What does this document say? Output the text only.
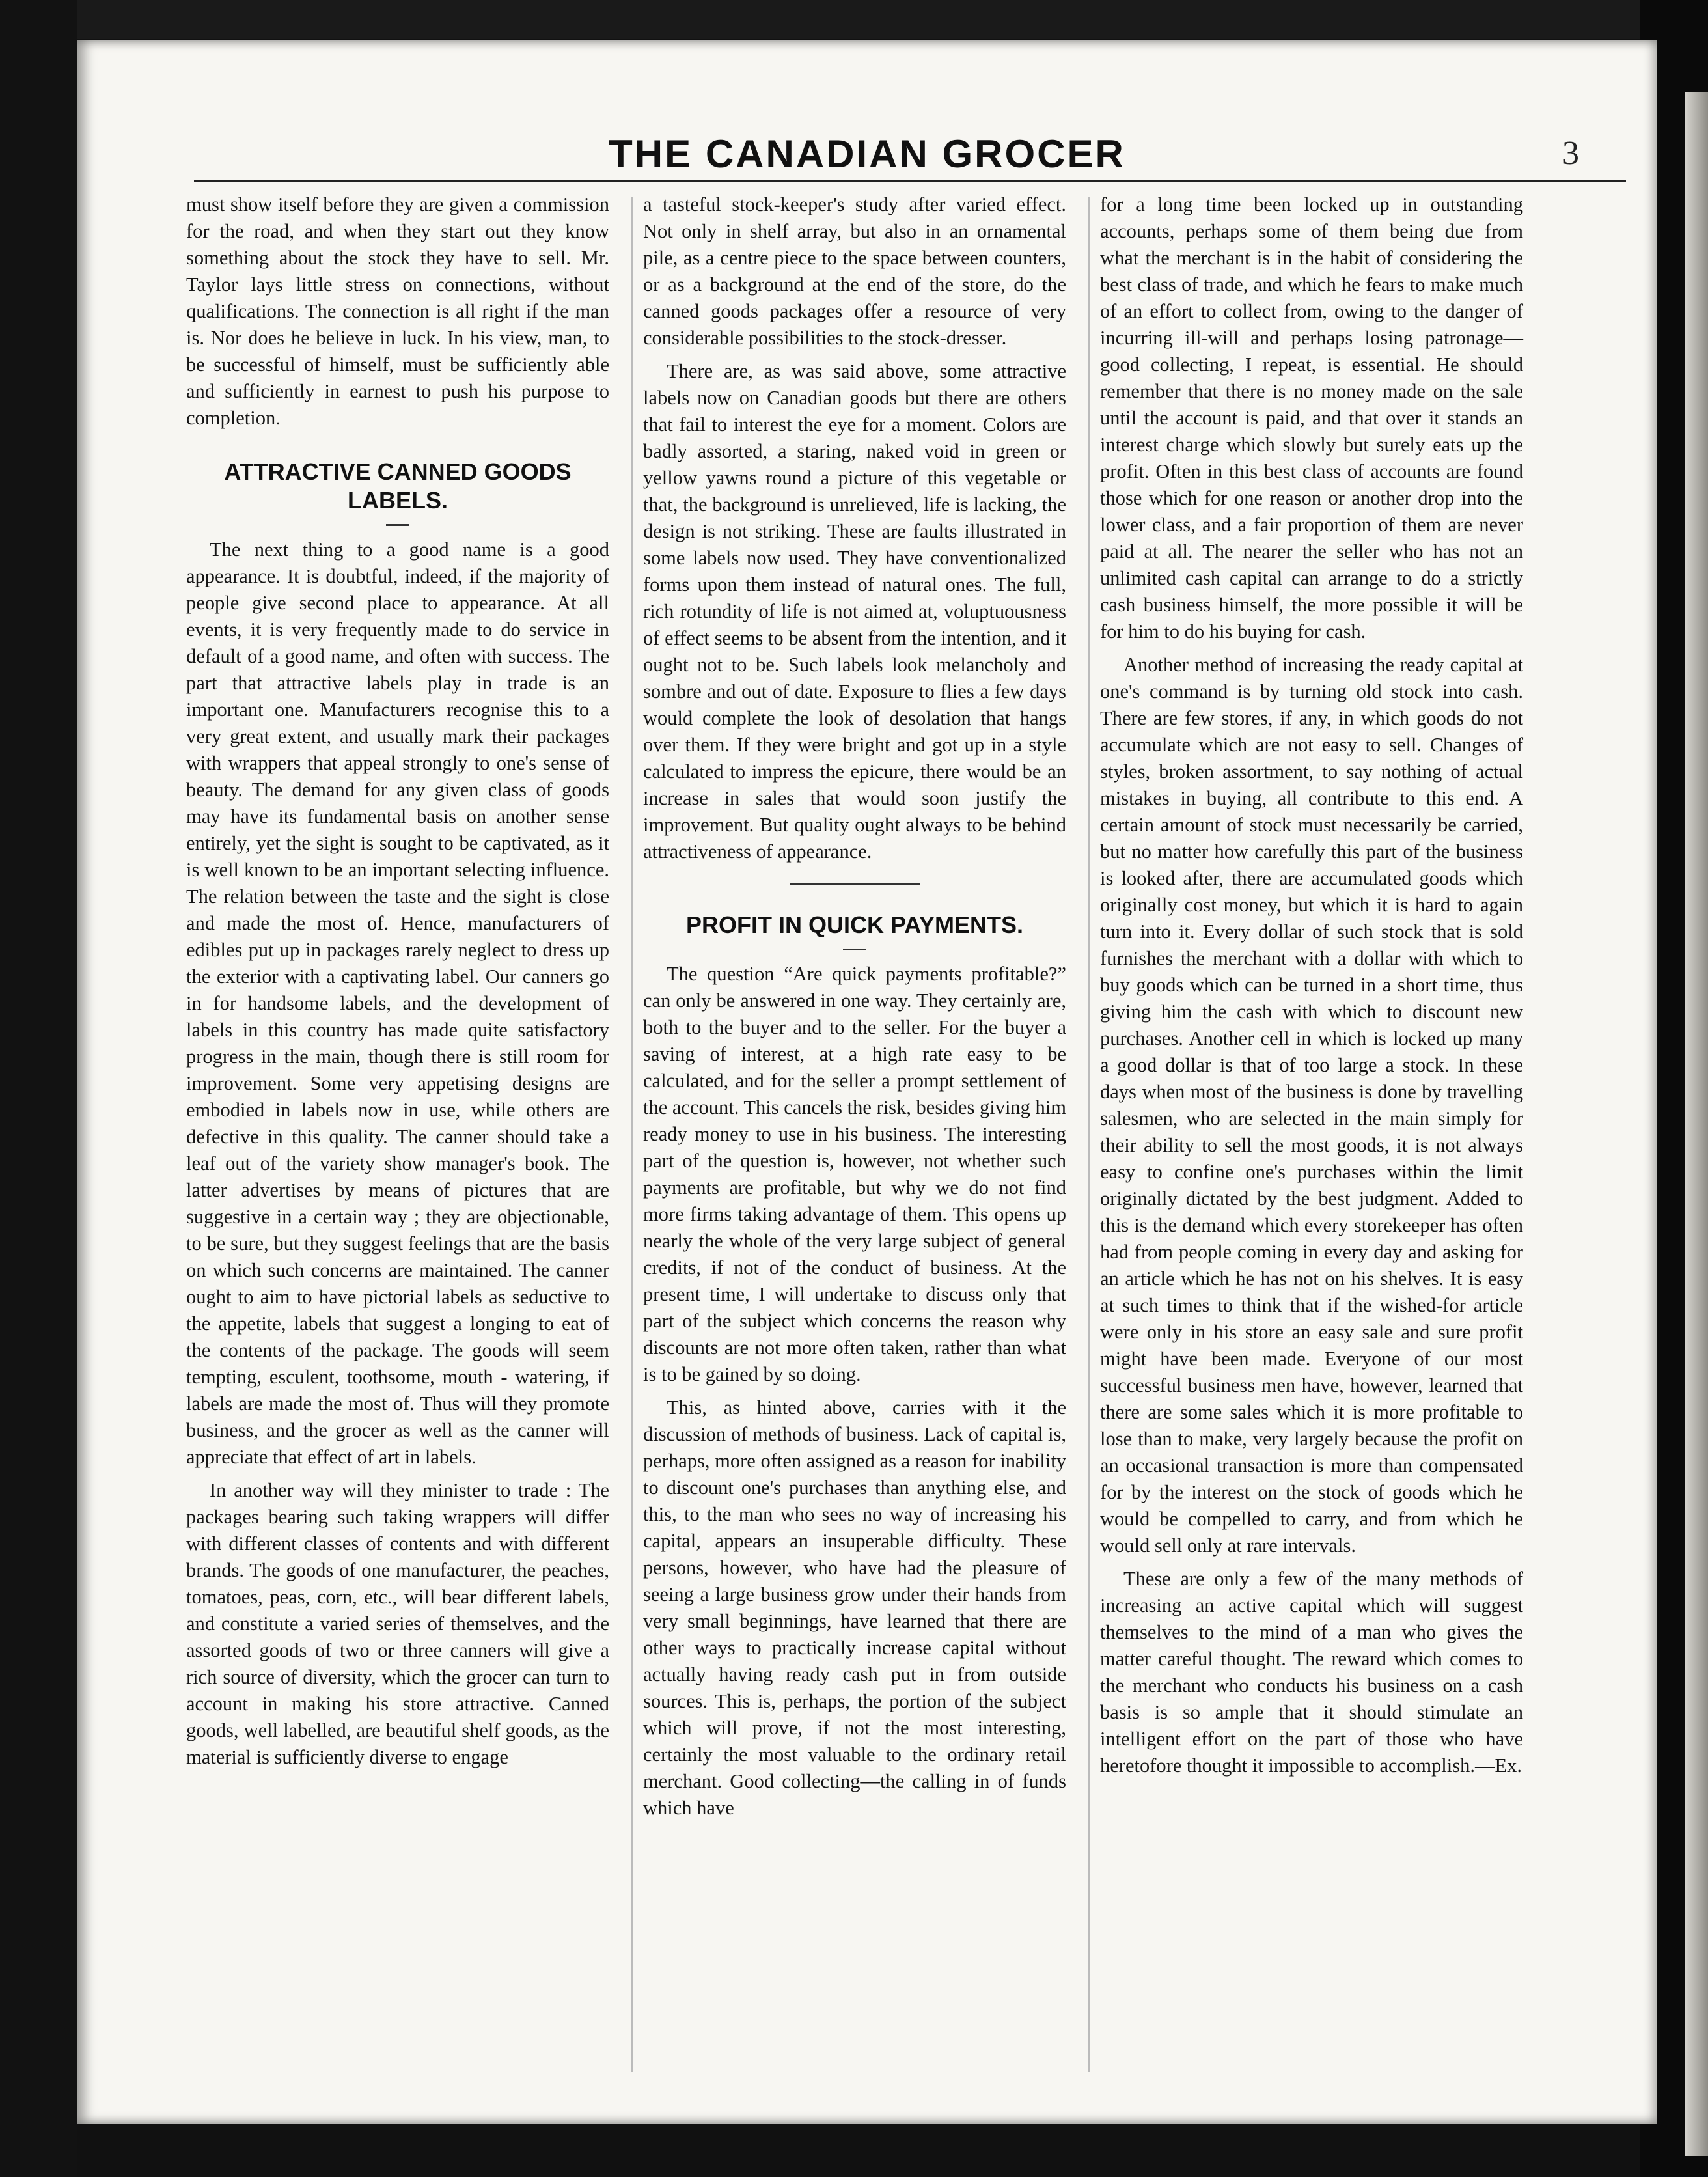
THE CANADIAN GROCER	3

must show itself before they are given a commission for the road, and when they start out they know something about the stock they have to sell. Mr. Taylor lays little stress on connections, without qualifications. The connection is all right if the man is. Nor does he believe in luck. In his view, man, to be successful of himself, must be sufficiently able and sufficiently in earnest to push his purpose to completion.

ATTRACTIVE CANNED GOODS LABELS.

The next thing to a good name is a good appearance. It is doubtful, indeed, if the majority of people give second place to appearance. At all events, it is very frequently made to do service in default of a good name, and often with success. The part that attractive labels play in trade is an important one. Manufacturers recognise this to a very great extent, and usually mark their packages with wrappers that appeal strongly to one's sense of beauty. The demand for any given class of goods may have its fundamental basis on another sense entirely, yet the sight is sought to be captivated, as it is well known to be an important selecting influence. The relation between the taste and the sight is close and made the most of. Hence, manufacturers of edibles put up in packages rarely neglect to dress up the exterior with a captivating label. Our canners go in for handsome labels, and the development of labels in this country has made quite satisfactory progress in the main, though there is still room for improvement. Some very appetising designs are embodied in labels now in use, while others are defective in this quality. The canner should take a leaf out of the variety show manager's book. The latter advertises by means of pictures that are suggestive in a certain way ; they are objectionable, to be sure, but they suggest feelings that are the basis on which such concerns are maintained. The canner ought to aim to have pictorial labels as seductive to the appetite, labels that suggest a longing to eat of the contents of the package. The goods will seem tempting, esculent, toothsome, mouth - watering, if labels are made the most of. Thus will they promote business, and the grocer as well as the canner will appreciate that effect of art in labels.

In another way will they minister to trade : The packages bearing such taking wrappers will differ with different classes of contents and with different brands. The goods of one manufacturer, the peaches, tomatoes, peas, corn, etc., will bear different labels, and constitute a varied series of themselves, and the assorted goods of two or three canners will give a rich source of diversity, which the grocer can turn to account in making his store attractive. Canned goods, well labelled, are beautiful shelf goods, as the material is sufficiently diverse to engage

a tasteful stock-keeper's study after varied effect. Not only in shelf array, but also in an ornamental pile, as a centre piece to the space between counters, or as a background at the end of the store, do the canned goods packages offer a resource of very considerable possibilities to the stock-dresser.

There are, as was said above, some attractive labels now on Canadian goods but there are others that fail to interest the eye for a moment. Colors are badly assorted, a staring, naked void in green or yellow yawns round a picture of this vegetable or that, the background is unrelieved, life is lacking, the design is not striking. These are faults illustrated in some labels now used. They have conventionalized forms upon them instead of natural ones. The full, rich rotundity of life is not aimed at, voluptuousness of effect seems to be absent from the intention, and it ought not to be. Such labels look melancholy and sombre and out of date. Exposure to flies a few days would complete the look of desolation that hangs over them. If they were bright and got up in a style calculated to impress the epicure, there would be an increase in sales that would soon justify the improvement. But quality ought always to be behind attractiveness of appearance.

PROFIT IN QUICK PAYMENTS.

The question “Are quick payments profitable?” can only be answered in one way. They certainly are, both to the buyer and to the seller. For the buyer a saving of interest, at a high rate easy to be calculated, and for the seller a prompt settlement of the account. This cancels the risk, besides giving him ready money to use in his business. The interesting part of the question is, however, not whether such payments are profitable, but why we do not find more firms taking advantage of them. This opens up nearly the whole of the very large subject of general credits, if not of the conduct of business. At the present time, I will undertake to discuss only that part of the subject which concerns the reason why discounts are not more often taken, rather than what is to be gained by so doing.

This, as hinted above, carries with it the discussion of methods of business. Lack of capital is, perhaps, more often assigned as a reason for inability to discount one's purchases than anything else, and this, to the man who sees no way of increasing his capital, appears an insuperable difficulty. These persons, however, who have had the pleasure of seeing a large business grow under their hands from very small beginnings, have learned that there are other ways to practically increase capital without actually having ready cash put in from outside sources. This is, perhaps, the portion of the subject which will prove, if not the most interesting, certainly the most valuable to the ordinary retail merchant. Good collecting—the calling in of funds which have

for a long time been locked up in outstanding accounts, perhaps some of them being due from what the merchant is in the habit of considering the best class of trade, and which he fears to make much of an effort to collect from, owing to the danger of incurring ill-will and perhaps losing patronage—good collecting, I repeat, is essential. He should remember that there is no money made on the sale until the account is paid, and that over it stands an interest charge which slowly but surely eats up the profit. Often in this best class of accounts are found those which for one reason or another drop into the lower class, and a fair proportion of them are never paid at all. The nearer the seller who has not an unlimited cash capital can arrange to do a strictly cash business himself, the more possible it will be for him to do his buying for cash.

Another method of increasing the ready capital at one's command is by turning old stock into cash. There are few stores, if any, in which goods do not accumulate which are not easy to sell. Changes of styles, broken assortment, to say nothing of actual mistakes in buying, all contribute to this end. A certain amount of stock must necessarily be carried, but no matter how carefully this part of the business is looked after, there are accumulated goods which originally cost money, but which it is hard to again turn into it. Every dollar of such stock that is sold furnishes the merchant with a dollar with which to buy goods which can be turned in a short time, thus giving him the cash with which to discount new purchases. Another cell in which is locked up many a good dollar is that of too large a stock. In these days when most of the business is done by travelling salesmen, who are selected in the main simply for their ability to sell the most goods, it is not always easy to confine one's purchases within the limit originally dictated by the best judgment. Added to this is the demand which every storekeeper has often had from people coming in every day and asking for an article which he has not on his shelves. It is easy at such times to think that if the wished-for article were only in his store an easy sale and sure profit might have been made. Everyone of our most successful business men have, however, learned that there are some sales which it is more profitable to lose than to make, very largely because the profit on an occasional transaction is more than compensated for by the interest on the stock of goods which he would be compelled to carry, and from which he would sell only at rare intervals.

These are only a few of the many methods of increasing an active capital which will suggest themselves to the mind of a man who gives the matter careful thought. The reward which comes to the merchant who conducts his business on a cash basis is so ample that it should stimulate an intelligent effort on the part of those who have heretofore thought it impossible to accomplish.—Ex.
